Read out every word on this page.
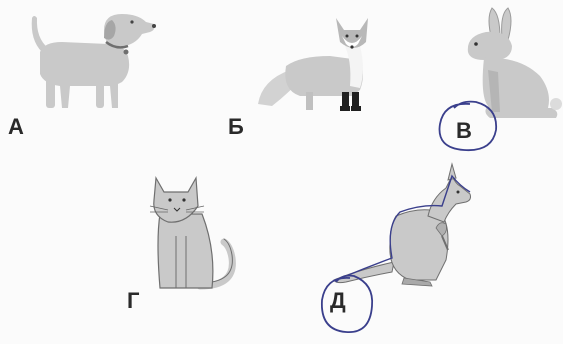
А	Б	В
Г	Д
